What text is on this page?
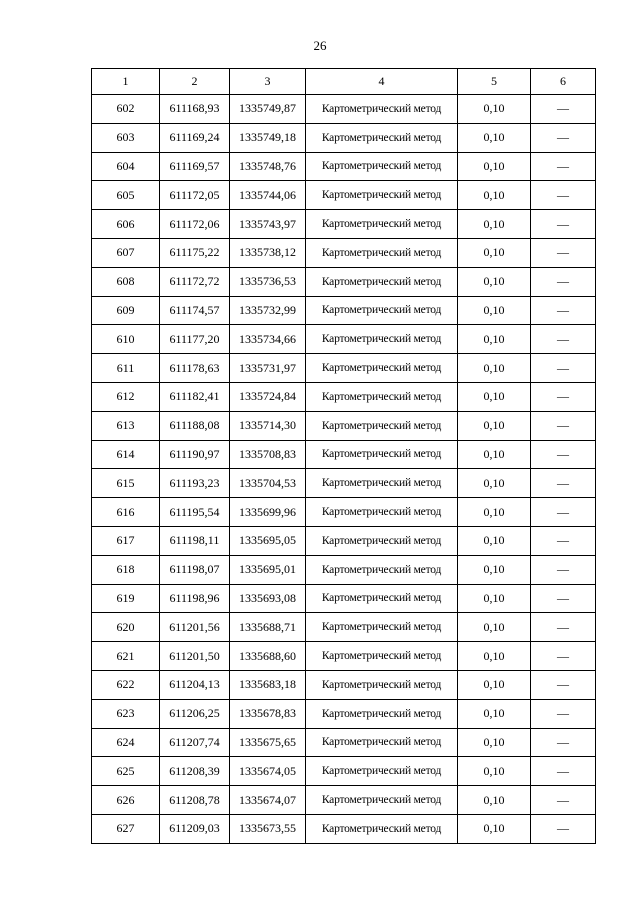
26
1	2	3	4	5	6
602	611168,93	1335749,87	Картометрический метод	0,10	—
603	611169,24	1335749,18	Картометрический метод	0,10	—
604	611169,57	1335748,76	Картометрический метод	0,10	—
605	611172,05	1335744,06	Картометрический метод	0,10	—
606	611172,06	1335743,97	Картометрический метод	0,10	—
607	611175,22	1335738,12	Картометрический метод	0,10	—
608	611172,72	1335736,53	Картометрический метод	0,10	—
609	611174,57	1335732,99	Картометрический метод	0,10	—
610	611177,20	1335734,66	Картометрический метод	0,10	—
611	611178,63	1335731,97	Картометрический метод	0,10	—
612	611182,41	1335724,84	Картометрический метод	0,10	—
613	611188,08	1335714,30	Картометрический метод	0,10	—
614	611190,97	1335708,83	Картометрический метод	0,10	—
615	611193,23	1335704,53	Картометрический метод	0,10	—
616	611195,54	1335699,96	Картометрический метод	0,10	—
617	611198,11	1335695,05	Картометрический метод	0,10	—
618	611198,07	1335695,01	Картометрический метод	0,10	—
619	611198,96	1335693,08	Картометрический метод	0,10	—
620	611201,56	1335688,71	Картометрический метод	0,10	—
621	611201,50	1335688,60	Картометрический метод	0,10	—
622	611204,13	1335683,18	Картометрический метод	0,10	—
623	611206,25	1335678,83	Картометрический метод	0,10	—
624	611207,74	1335675,65	Картометрический метод	0,10	—
625	611208,39	1335674,05	Картометрический метод	0,10	—
626	611208,78	1335674,07	Картометрический метод	0,10	—
627	611209,03	1335673,55	Картометрический метод	0,10	—
